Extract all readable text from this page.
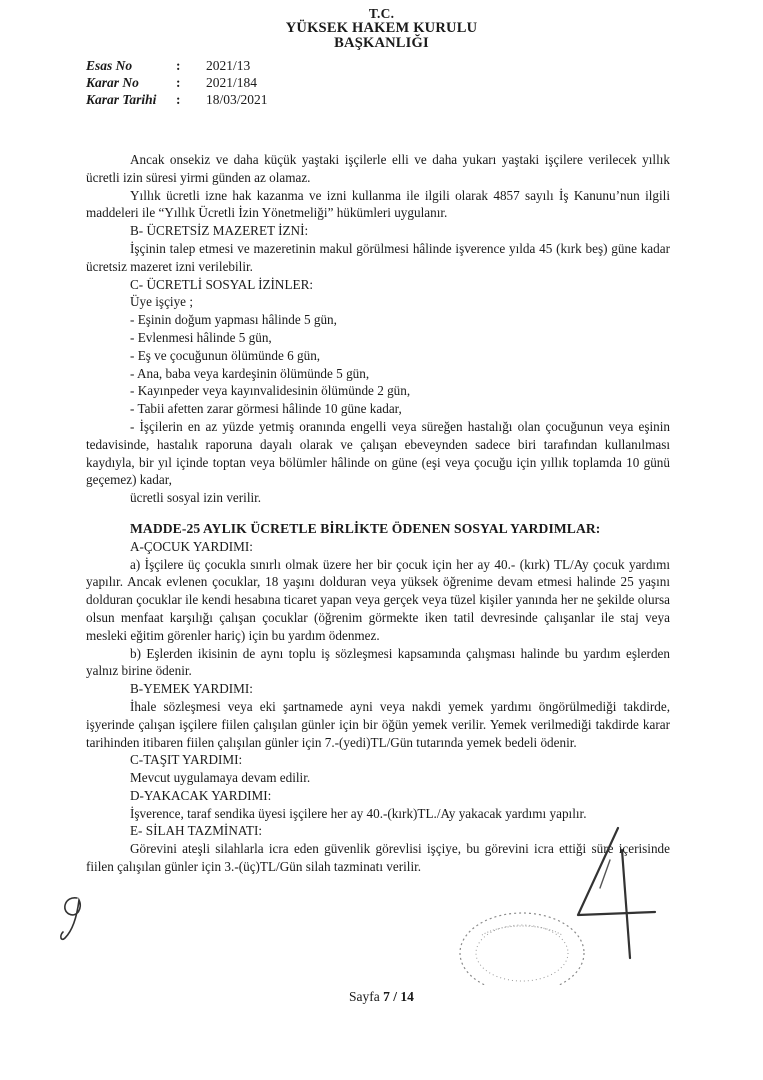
T.C.
YÜKSEK HAKEM KURULU
BAŞKANLIĞI
Esas No	:	2021/13
Karar No	:	2021/184
Karar Tarihi	:	18/03/2021

Ancak onsekiz ve daha küçük yaştaki işçilerle elli ve daha yukarı yaştaki işçilere verilecek yıllık ücretli izin süresi yirmi günden az olamaz.

Yıllık ücretli izne hak kazanma ve izni kullanma ile ilgili olarak 4857 sayılı İş Kanunu’nun ilgili maddeleri ile “Yıllık Ücretli İzin Yönetmeliği” hükümleri uygulanır.

B- ÜCRETSİZ MAZERET İZNİ:

İşçinin talep etmesi ve mazeretinin makul görülmesi hâlinde işverence yılda 45 (kırk beş) güne kadar ücretsiz mazeret izni verilebilir.

C- ÜCRETLİ SOSYAL İZİNLER:

Üye işçiye ;

- Eşinin doğum yapması hâlinde 5 gün,

- Evlenmesi hâlinde 5 gün,

- Eş ve çocuğunun ölümünde 6 gün,

- Ana, baba veya kardeşinin ölümünde 5 gün,

- Kayınpeder veya kayınvalidesinin ölümünde 2 gün,

- Tabii afetten zarar görmesi hâlinde 10 güne kadar,

- İşçilerin en az yüzde yetmiş oranında engelli veya süreğen hastalığı olan çocuğunun veya eşinin tedavisinde, hastalık raporuna dayalı olarak ve çalışan ebeveynden sadece biri tarafından kullanılması kaydıyla, bir yıl içinde toptan veya bölümler hâlinde on güne (eşi veya çocuğu için yıllık toplamda 10 günü geçemez) kadar,

ücretli sosyal izin verilir.

MADDE-25 AYLIK ÜCRETLE BİRLİKTE ÖDENEN SOSYAL YARDIMLAR:

A-ÇOCUK YARDIMI:

a) İşçilere üç çocukla sınırlı olmak üzere her bir çocuk için her ay 40.- (kırk) TL/Ay çocuk yardımı yapılır. Ancak evlenen çocuklar, 18 yaşını dolduran veya yüksek öğrenime devam etmesi halinde 25 yaşını dolduran çocuklar ile kendi hesabına ticaret yapan veya gerçek veya tüzel kişiler yanında her ne şekilde olursa olsun menfaat karşılığı çalışan çocuklar (öğrenim görmekte iken tatil devresinde çalışanlar ile staj veya mesleki eğitim görenler hariç) için bu yardım ödenmez.

b) Eşlerden ikisinin de aynı toplu iş sözleşmesi kapsamında çalışması halinde bu yardım eşlerden yalnız birine ödenir.

B-YEMEK YARDIMI:

İhale sözleşmesi veya eki şartnamede ayni veya nakdi yemek yardımı öngörülmediği takdirde, işyerinde çalışan işçilere fiilen çalışılan günler için bir öğün yemek verilir. Yemek verilmediği takdirde karar tarihinden itibaren fiilen çalışılan günler için 7.-(yedi)TL/Gün tutarında yemek bedeli ödenir.

C-TAŞIT YARDIMI:

Mevcut uygulamaya devam edilir.

D-YAKACAK YARDIMI:

İşverence, taraf sendika üyesi işçilere her ay 40.-(kırk)TL./Ay yakacak yardımı yapılır.

E- SİLAH TAZMİNATI:

Görevini ateşli silahlarla icra eden güvenlik görevlisi işçiye, bu görevini icra ettiği süre içerisinde fiilen çalışılan günler için 3.-(üç)TL/Gün silah tazminatı verilir.

Sayfa 7 / 14
